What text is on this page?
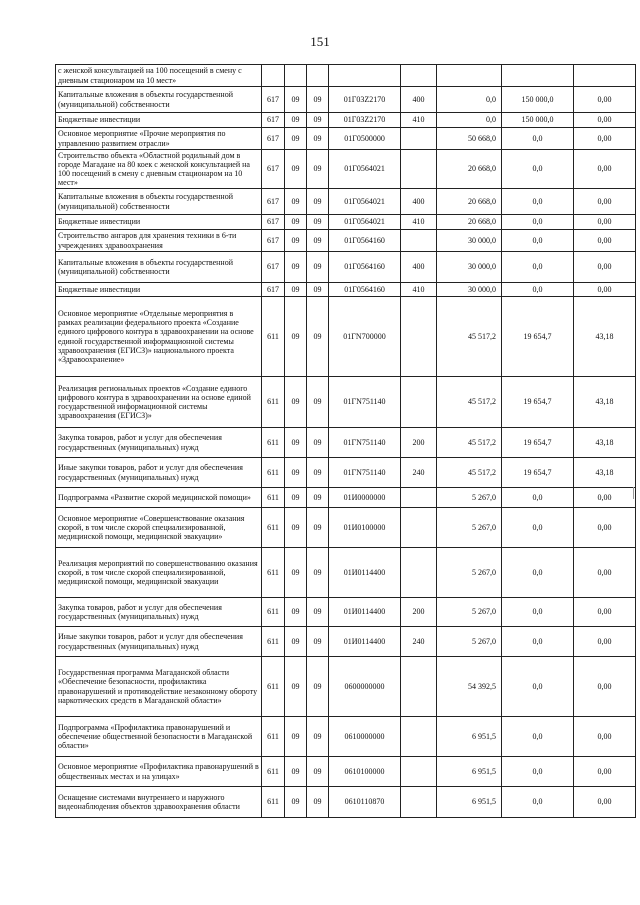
151
с женской консультацией на 100 посещений в смену с дневным стационаром на 10 мест»								
Капитальные вложения в объекты государственной (муниципальной) собственности	617	09	09	01Г03Z2170	400	0,0	150 000,0	0,00
Бюджетные инвестиции	617	09	09	01Г03Z2170	410	0,0	150 000,0	0,00
Основное мероприятие «Прочие мероприятия по управлению развитием отрасли»	617	09	09	01Г0500000		50 668,0	0,0	0,00
Строительство объекта «Областной родильный дом в городе Магадане на 80 коек с женской консультацией на 100 посещений в смену с дневным стационаром на 10 мест»	617	09	09	01Г0564021		20 668,0	0,0	0,00
Капитальные вложения в объекты государственной (муниципальной) собственности	617	09	09	01Г0564021	400	20 668,0	0,0	0,00
Бюджетные инвестиции	617	09	09	01Г0564021	410	20 668,0	0,0	0,00
Строительство ангаров для хранения техники в 6-ти учреждениях здравоохранения	617	09	09	01Г0564160		30 000,0	0,0	0,00
Капитальные вложения в объекты государственной (муниципальной) собственности	617	09	09	01Г0564160	400	30 000,0	0,0	0,00
Бюджетные инвестиции	617	09	09	01Г0564160	410	30 000,0	0,0	0,00
Основное мероприятие «Отдельные мероприятия в рамках реализации федерального проекта «Создание единого цифрового контура в здравоохранении на основе единой государственной информационной системы здравоохранения (ЕГИСЗ)» национального проекта «Здравоохранение»	611	09	09	01ГN700000		45 517,2	19 654,7	43,18
Реализация региональных проектов «Создание единого цифрового контура в здравоохранении на основе единой государственной информационной системы здравоохранения (ЕГИСЗ)»	611	09	09	01ГN751140		45 517,2	19 654,7	43,18
Закупка товаров, работ и услуг для обеспечения государственных (муниципальных) нужд	611	09	09	01ГN751140	200	45 517,2	19 654,7	43,18
Иные закупки товаров, работ и услуг для обеспечения государственных (муниципальных) нужд	611	09	09	01ГN751140	240	45 517,2	19 654,7	43,18
Подпрограмма «Развитие скорой медицинской помощи»	611	09	09	01И0000000		5 267,0	0,0	0,00
Основное мероприятие «Совершенствование оказания скорой, в том числе скорой специализированной, медицинской помощи, медицинской эвакуации»	611	09	09	01И0100000		5 267,0	0,0	0,00
Реализация мероприятий по совершенствованию оказания скорой, в том числе скорой специализированной, медицинской помощи, медицинской эвакуации	611	09	09	01И0114400		5 267,0	0,0	0,00
Закупка товаров, работ и услуг для обеспечения государственных (муниципальных) нужд	611	09	09	01И0114400	200	5 267,0	0,0	0,00
Иные закупки товаров, работ и услуг для обеспечения государственных (муниципальных) нужд	611	09	09	01И0114400	240	5 267,0	0,0	0,00
Государственная программа Магаданской области «Обеспечение безопасности, профилактика правонарушений и противодействие незаконному обороту наркотических средств в Магаданской области»	611	09	09	0600000000		54 392,5	0,0	0,00
Подпрограмма «Профилактика правонарушений и обеспечение общественной безопасности в Магаданской области»	611	09	09	0610000000		6 951,5	0,0	0,00
Основное мероприятие «Профилактика правонарушений в общественных местах и на улицах»	611	09	09	0610100000		6 951,5	0,0	0,00
Оснащение системами внутреннего и наружного видеонаблюдения объектов здравоохранения области	611	09	09	0610110870		6 951,5	0,0	0,00
